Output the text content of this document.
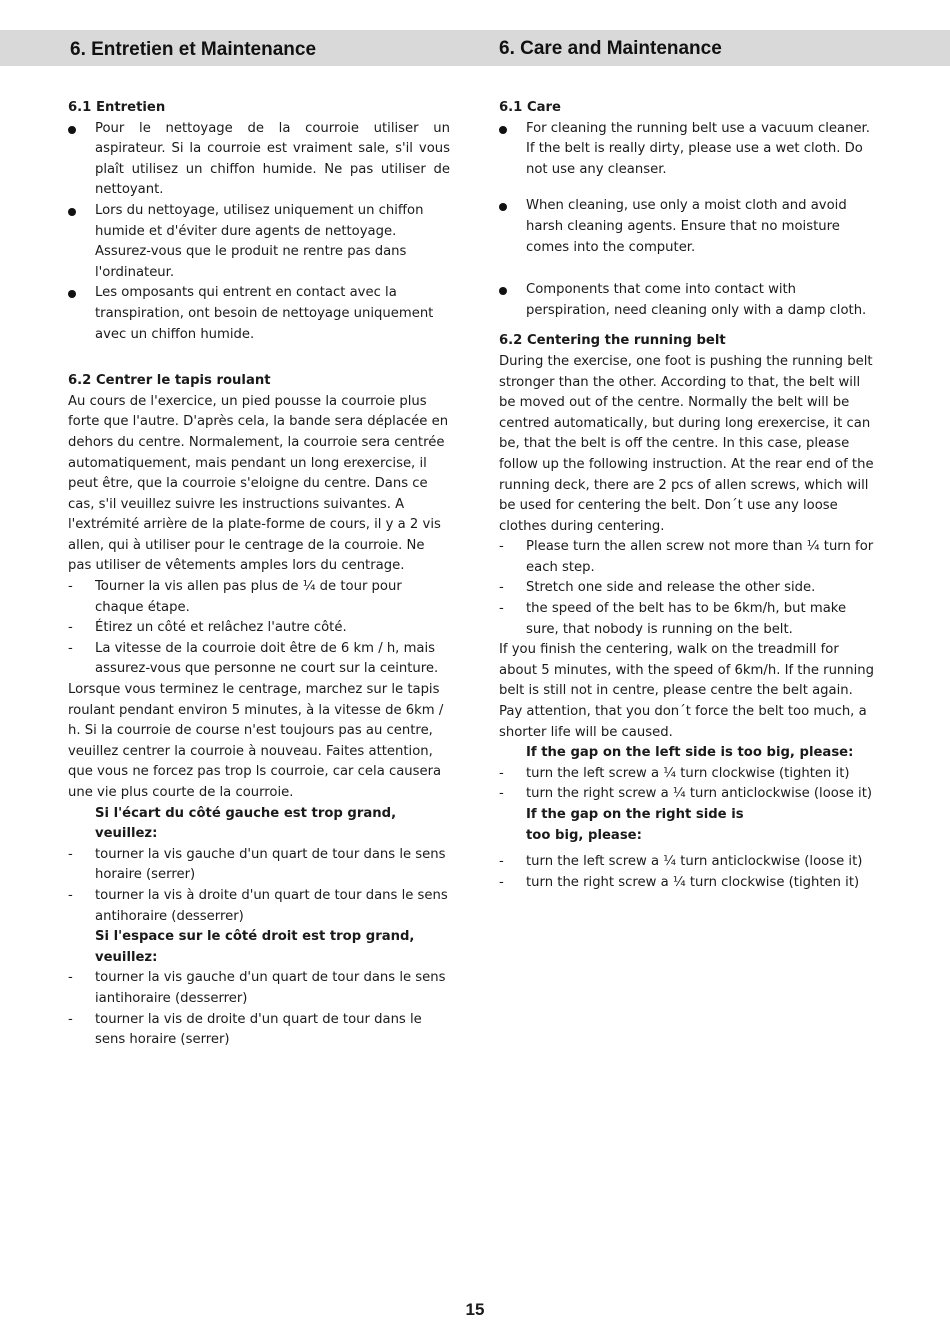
6. Entretien et Maintenance	6. Care and Maintenance

6.1 Entretien

Pour le nettoyage de la courroie utiliser un aspirateur. Si la courroie est vraiment sale, s'il vous plaît utilisez un chiffon humide. Ne pas utiliser de nettoyant.
Lors du nettoyage, utilisez uniquement un chiffon humide et d'éviter dure agents de nettoyage. Assurez-vous que le produit ne rentre pas dans l'ordinateur.
Les omposants qui entrent en contact avec la transpiration, ont besoin de nettoyage uniquement avec un chiffon humide.

6.2 Centrer le tapis roulant

Au cours de l'exercice, un pied pousse la courroie plus forte que l'autre. D'après cela, la bande sera déplacée en dehors du centre. Normalement, la courroie sera centrée automatiquement, mais pendant un long erexercise, il peut être, que la courroie s'eloigne du centre. Dans ce cas, s'il veuillez suivre les instructions suivantes. A l'extrémité arrière de la plate-forme de cours, il y a 2 vis allen, qui à utiliser pour le centrage de la courroie. Ne pas utiliser de vêtements amples lors du centrage.

- Tourner la vis allen pas plus de ¼ de tour pour chaque étape.
- Étirez un côté et relâchez l'autre côté.
- La vitesse de la courroie doit être de 6 km / h, mais assurez-vous que personne ne court sur la ceinture.

Lorsque vous terminez le centrage, marchez sur le tapis roulant pendant environ 5 minutes, à la vitesse de 6km / h. Si la courroie de course n'est toujours pas au centre, veuillez centrer la courroie à nouveau. Faites attention, que vous ne forcez pas trop ls courroie, car cela causera une vie plus courte de la courroie.

Si l'écart du côté gauche est trop grand, veuillez:

- tourner la vis gauche d'un quart de tour dans le sens horaire (serrer)
- tourner la vis à droite d'un quart de tour dans le sens antihoraire (desserrer)

Si l'espace sur le côté droit est trop grand, veuillez:

- tourner la vis gauche d'un quart de tour dans le sens iantihoraire (desserrer)
- tourner la vis de droite d'un quart de tour dans le sens horaire (serrer)

6.1 Care

For cleaning the running belt use a vacuum cleaner. If the belt is really dirty, please use a wet cloth. Do not use any cleanser.
When cleaning, use only a moist cloth and avoid harsh cleaning agents. Ensure that no moisture comes into the computer.
Components that come into contact with perspiration, need cleaning only with a damp cloth.

6.2 Centering the running belt

During the exercise, one foot is pushing the running belt stronger than the other. According to that, the belt will be moved out of the centre. Normally the belt will be centred automatically, but during long erexercise, it can be, that the belt is off the centre. In this case, please follow up the following instruction. At the rear end of the running deck, there are 2 pcs of allen screws, which will be used for centering the belt. Don´t use any loose clothes during centering.

- Please turn the allen screw not more than ¼ turn for each step.
- Stretch one side and release the other side.
- the speed of the belt has to be 6km/h, but make sure, that nobody is running on the belt.

If you finish the centering, walk on the treadmill for about 5 minutes, with the speed of 6km/h. If the running belt is still not in centre, please centre the belt again. Pay attention, that you don´t force the belt too much, a shorter life will be caused.

If the gap on the left side is too big, please:

- turn the left screw a ¼ turn clockwise (tighten it)
- turn the right screw a ¼ turn anticlockwise (loose it)

If the gap on the right side is too big, please:

- turn the left screw a ¼ turn anticlockwise (loose it)
- turn the right screw a ¼ turn clockwise (tighten it)
15
